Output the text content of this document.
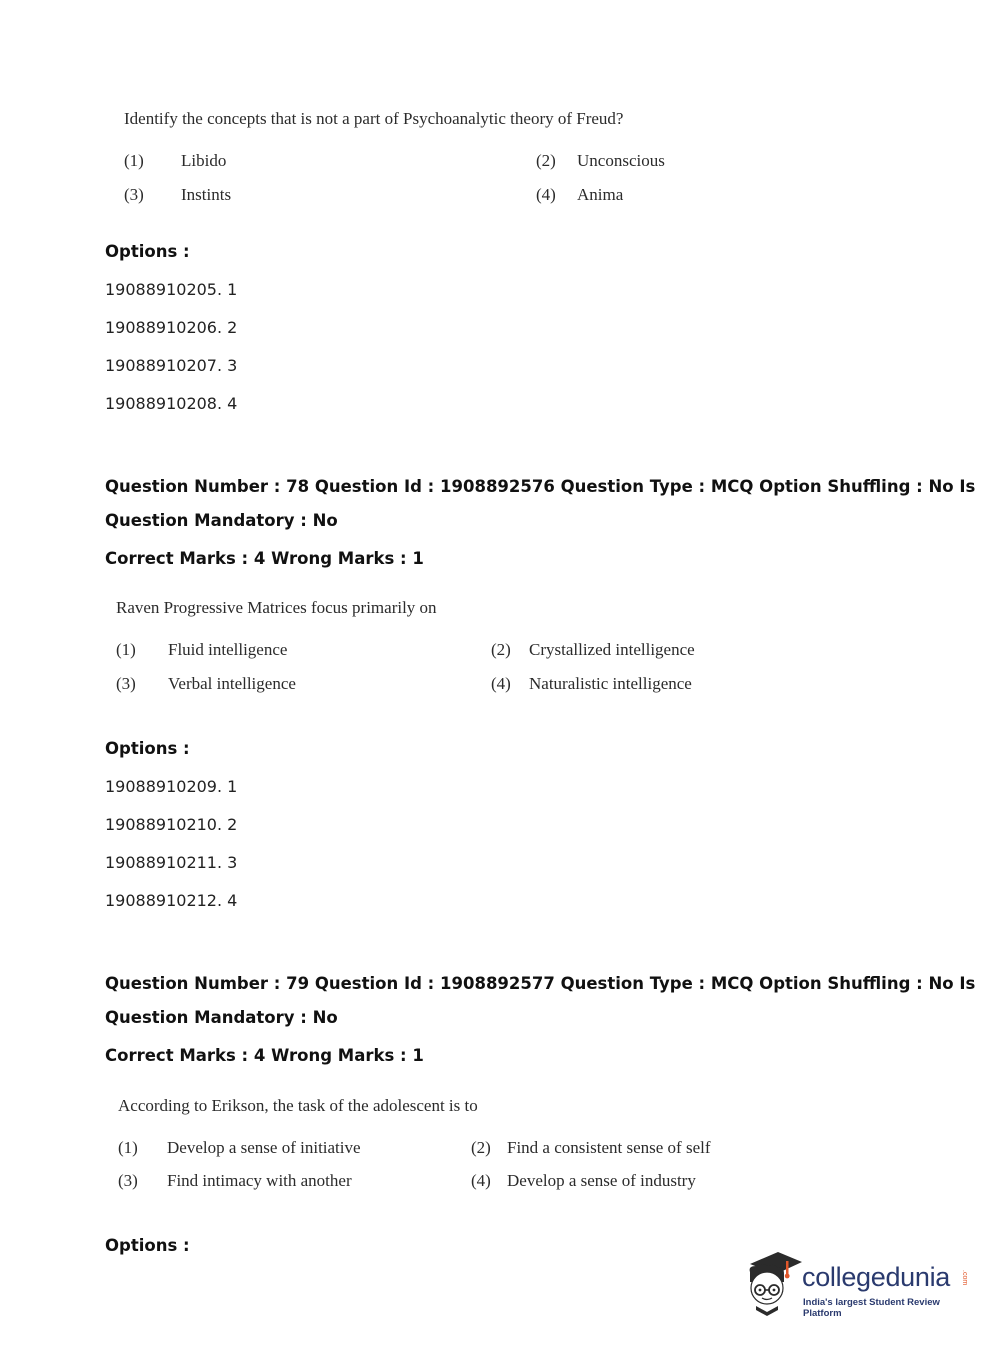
Identify the concepts that is not a part of Psychoanalytic theory of Freud?
(1) Libido	(2) Unconscious
(3) Instints	(4) Anima
Options :
19088910205. 1
19088910206. 2
19088910207. 3
19088910208. 4
Question Number : 78 Question Id : 1908892576 Question Type : MCQ Option Shuffling : No Is
Question Mandatory : No
Correct Marks : 4 Wrong Marks : 1
Raven Progressive Matrices focus primarily on
(1) Fluid intelligence	(2) Crystallized intelligence
(3) Verbal intelligence	(4) Naturalistic intelligence
Options :
19088910209. 1
19088910210. 2
19088910211. 3
19088910212. 4
Question Number : 79 Question Id : 1908892577 Question Type : MCQ Option Shuffling : No Is
Question Mandatory : No
Correct Marks : 4 Wrong Marks : 1
According to Erikson, the task of the adolescent is to
(1) Develop a sense of initiative	(2) Find a consistent sense of self
(3) Find intimacy with another	(4) Develop a sense of industry
Options :
collegedunia .com
India's largest Student Review Platform
